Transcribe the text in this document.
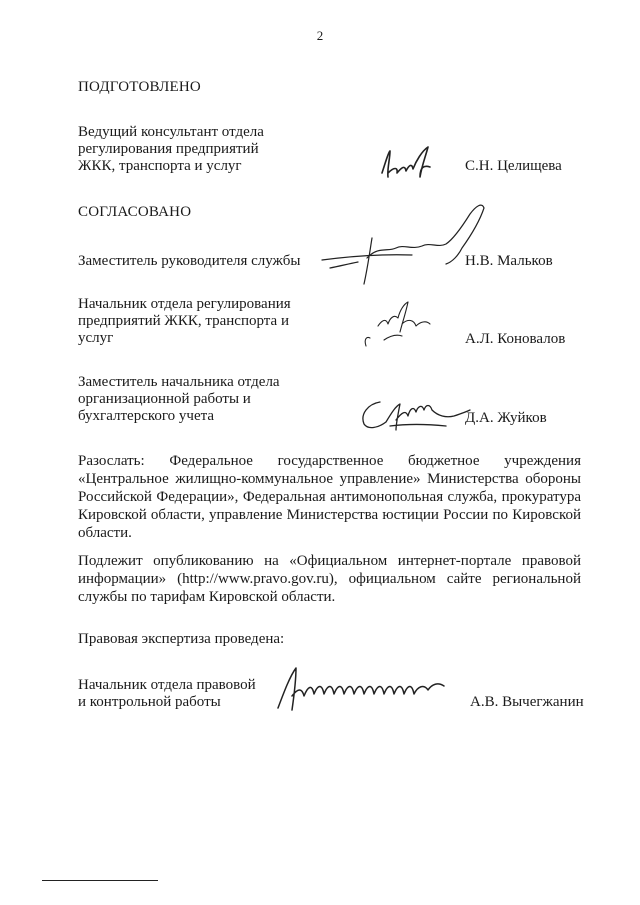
2
ПОДГОТОВЛЕНО
Ведущий консультант отдела
регулирования предприятий
ЖКК, транспорта и услуг	С.Н. Целищева
СОГЛАСОВАНО
Заместитель руководителя службы	Н.В. Мальков
Начальник отдела регулирования
предприятий ЖКК, транспорта и
услуг	А.Л. Коновалов
Заместитель начальника отдела
организационной работы и
бухгалтерского учета	Д.А. Жуйков
Разослать: Федеральное государственное бюджетное учреждения «Центральное жилищно-коммунальное управление» Министерства обороны Российской Федерации», Федеральная антимонопольная служба, прокуратура Кировской области, управление Министерства юстиции России по Кировской области.
Подлежит опубликованию на «Официальном интернет-портале правовой информации» (http://www.pravo.gov.ru), официальном сайте региональной службы по тарифам Кировской области.
Правовая экспертиза проведена:
Начальник отдела правовой
и контрольной работы	А.В. Вычегжанин
